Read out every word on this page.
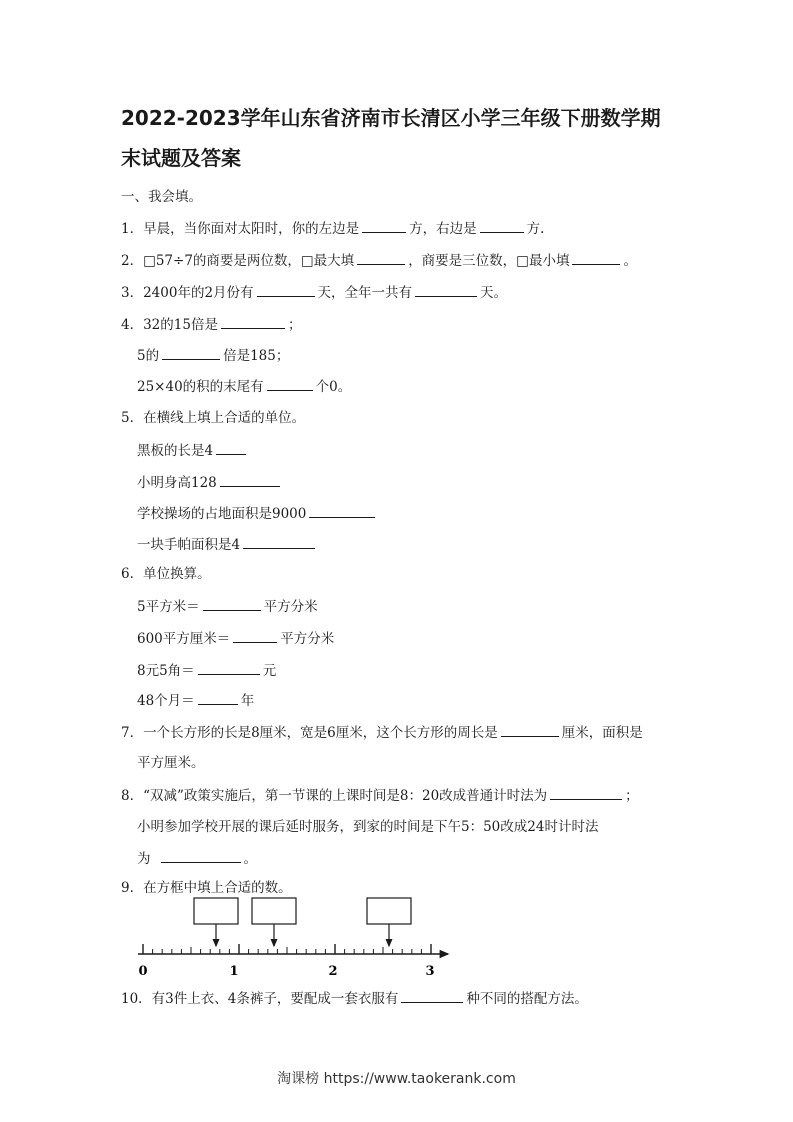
2022-2023学年山东省济南市长清区小学三年级下册数学期
末试题及答案
一、我会填。
1．早晨，当你面对太阳时，你的左边是	方，右边是	方.
2．□57÷7的商要是两位数，□最大填	，商要是三位数，□最小填	。
3．2400年的2月份有	天，全年一共有	天。
4．32的15倍是	；
5的	倍是185；
25×40的积的末尾有	个0。
5．在横线上填上合适的单位。
黑板的长是4
小明身高128
学校操场的占地面积是9000
一块手帕面积是4
6．单位换算。
5平方米＝	平方分米
600平方厘米＝	平方分米
8元5角＝	元
48个月＝	年
7．一个长方形的长是8厘米，宽是6厘米，这个长方形的周长是	厘米，面积是
平方厘米。
8．“双减”政策实施后，第一节课的上课时间是8：20改成普通计时法为	；
小明参加学校开展的课后延时服务，到家的时间是下午5：50改成24时计时法
为	。
9．在方框中填上合适的数。
0	1	2	3
10．有3件上衣、4条裤子，要配成一套衣服有	种不同的搭配方法。
淘课榜 https://www.taokerank.com
